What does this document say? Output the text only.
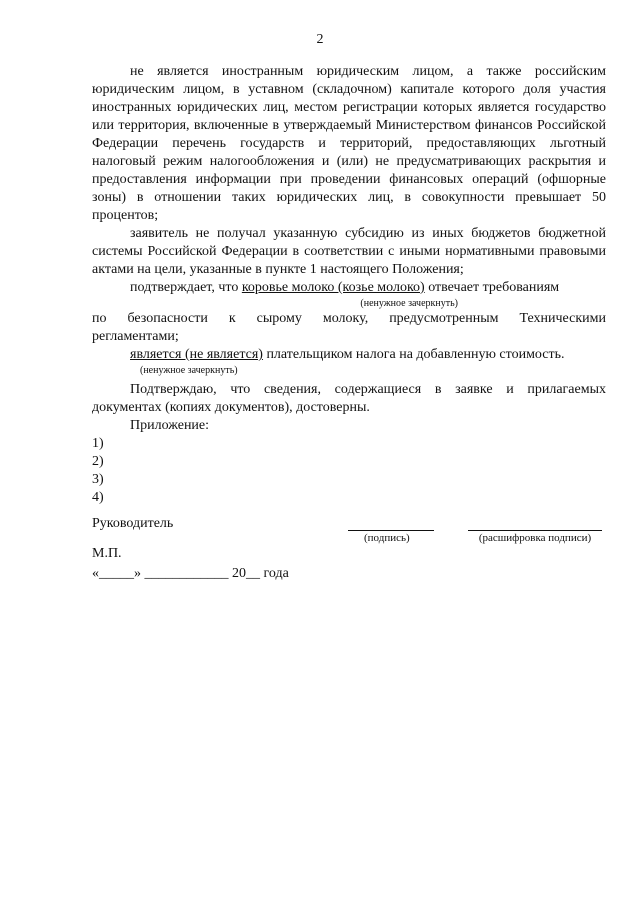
2

не является иностранным юридическим лицом, а также российским юридическим лицом, в уставном (складочном) капитале которого доля участия иностранных юридических лиц, местом регистрации которых является государство или территория, включенные в утверждаемый Министерством финансов Российской Федерации перечень государств и территорий, предоставляющих льготный налоговый режим налогообложения и (или) не предусматривающих раскрытия и предоставления информации при проведении финансовых операций (офшорные зоны) в отношении таких юридических лиц, в совокупности превышает 50 процентов;

заявитель не получал указанную субсидию из иных бюджетов бюджетной системы Российской Федерации в соответствии с иными нормативными правовыми актами на цели, указанные в пункте 1 настоящего Положения;

подтверждает, что коровье молоко (козье молоко) отвечает требованиям

(ненужное зачеркнуть)
по безопасности к сырому молоку, предусмотренным Техническими
регламентами;

является (не является) плательщиком налога на добавленную стоимость.

(ненужное зачеркнуть)

Подтверждаю, что сведения, содержащиеся в заявке и прилагаемых документах (копиях документов), достоверны.

Приложение:

1)
2)
3)
4)
Руководитель
(подпись)	(расшифровка подписи)
М.П.
«_____» ____________ 20__ года
